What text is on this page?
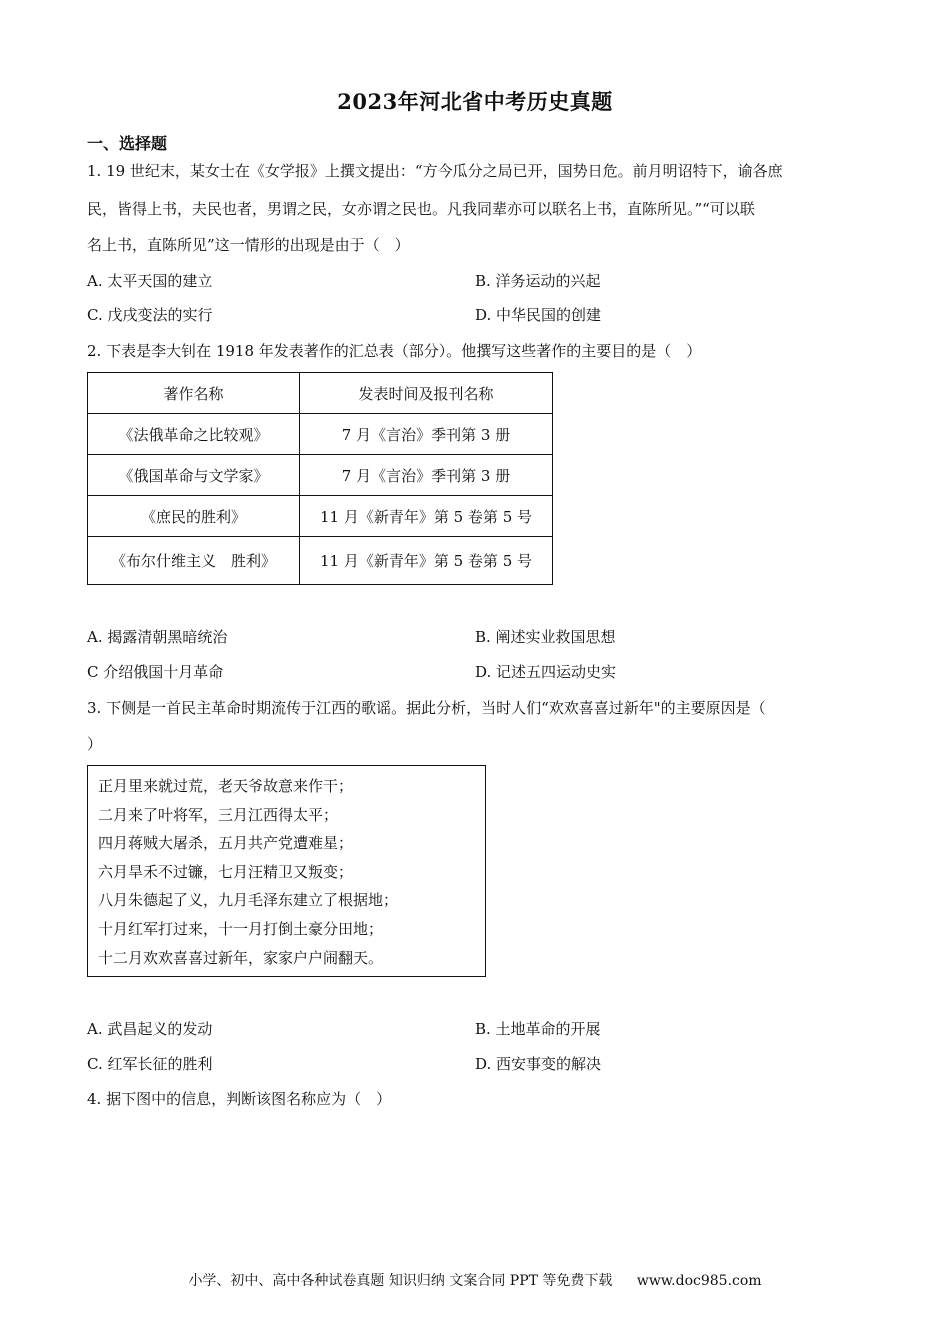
2023年河北省中考历史真题
一、选择题
1. 19 世纪末，某女士在《女学报》上撰文提出：“方今瓜分之局已开，国势日危。前月明诏特下，谕各庶
民，皆得上书，夫民也者，男谓之民，女亦谓之民也。凡我同辈亦可以联名上书，直陈所见。”“可以联
名上书，直陈所见”这一情形的出现是由于（　）
A. 太平天国的建立	B. 洋务运动的兴起
C. 戊戌变法的实行	D. 中华民国的创建
2. 下表是李大钊在 1918 年发表著作的汇总表（部分）。他撰写这些著作的主要目的是（　）
著作名称	发表时间及报刊名称
《法俄革命之比较观》	7 月《言治》季刊第 3 册
《俄国革命与文学家》	7 月《言治》季刊第 3 册
《庶民的胜利》	11 月《新青年》第 5 卷第 5 号
《布尔什维主义　胜利》	11 月《新青年》第 5 卷第 5 号
A. 揭露清朝黑暗统治	B. 阐述实业救国思想
C 介绍俄国十月革命	D. 记述五四运动史实
3. 下侧是一首民主革命时期流传于江西的歌谣。据此分析，当时人们“欢欢喜喜过新年"的主要原因是（
）
正月里来就过荒，老天爷故意来作干；
二月来了叶将军，三月江西得太平；
四月蒋贼大屠杀，五月共产党遭难星；
六月旱禾不过镰，七月汪精卫又叛变；
八月朱德起了义，九月毛泽东建立了根据地；
十月红军打过来，十一月打倒土豪分田地；
十二月欢欢喜喜过新年，家家户户闹翻天。
A. 武昌起义的发动	B. 土地革命的开展
C. 红军长征的胜利	D. 西安事变的解决
4. 据下图中的信息，判断该图名称应为（　）
小学、初中、高中各种试卷真题 知识归纳 文案合同 PPT 等免费下载 www.doc985.com
